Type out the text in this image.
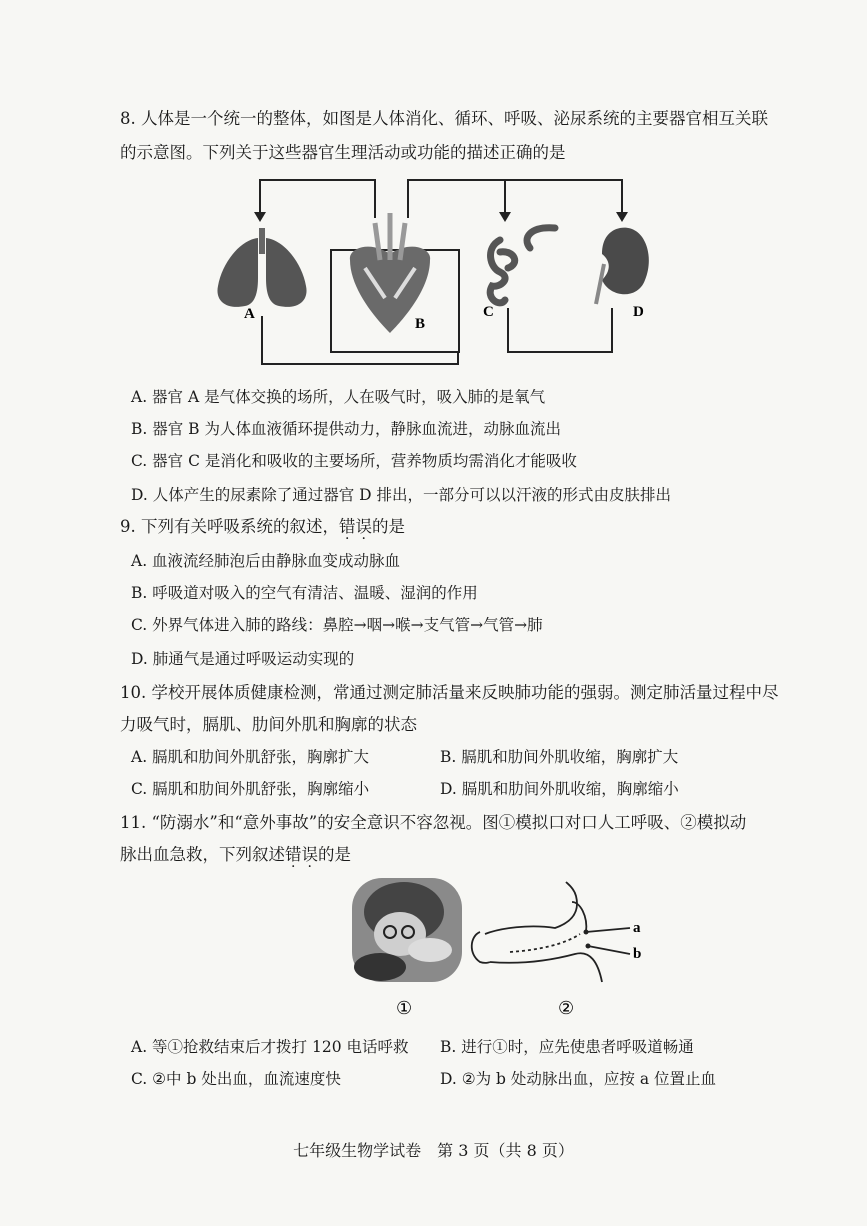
8. 人体是一个统一的整体，如图是人体消化、循环、呼吸、泌尿系统的主要器官相互关联
的示意图。下列关于这些器官生理活动或功能的描述正确的是
A
B
C	D
A. 器官 A 是气体交换的场所，人在吸气时，吸入肺的是氧气
B. 器官 B 为人体血液循环提供动力，静脉血流进，动脉血流出
C. 器官 C 是消化和吸收的主要场所，营养物质均需消化才能吸收
D. 人体产生的尿素除了通过器官 D 排出，一部分可以以汗液的形式由皮肤排出
9. 下列有关呼吸系统的叙述，错误的是
A. 血液流经肺泡后由静脉血变成动脉血
B. 呼吸道对吸入的空气有清洁、温暖、湿润的作用
C. 外界气体进入肺的路线：鼻腔→咽→喉→支气管→气管→肺
D. 肺通气是通过呼吸运动实现的
10. 学校开展体质健康检测，常通过测定肺活量来反映肺功能的强弱。测定肺活量过程中尽
力吸气时，膈肌、肋间外肌和胸廓的状态
A. 膈肌和肋间外肌舒张，胸廓扩大	B. 膈肌和肋间外肌收缩，胸廓扩大
C. 膈肌和肋间外肌舒张，胸廓缩小	D. 膈肌和肋间外肌收缩，胸廓缩小
11. “防溺水”和“意外事故”的安全意识不容忽视。图①模拟口对口人工呼吸、②模拟动
脉出血急救，下列叙述错误的是
a
b
①	②
A. 等①抢救结束后才拨打 120 电话呼救	B. 进行①时，应先使患者呼吸道畅通
C. ②中 b 处出血，血流速度快	D. ②为 b 处动脉出血，应按 a 位置止血
七年级生物学试卷　第 3 页（共 8 页）
